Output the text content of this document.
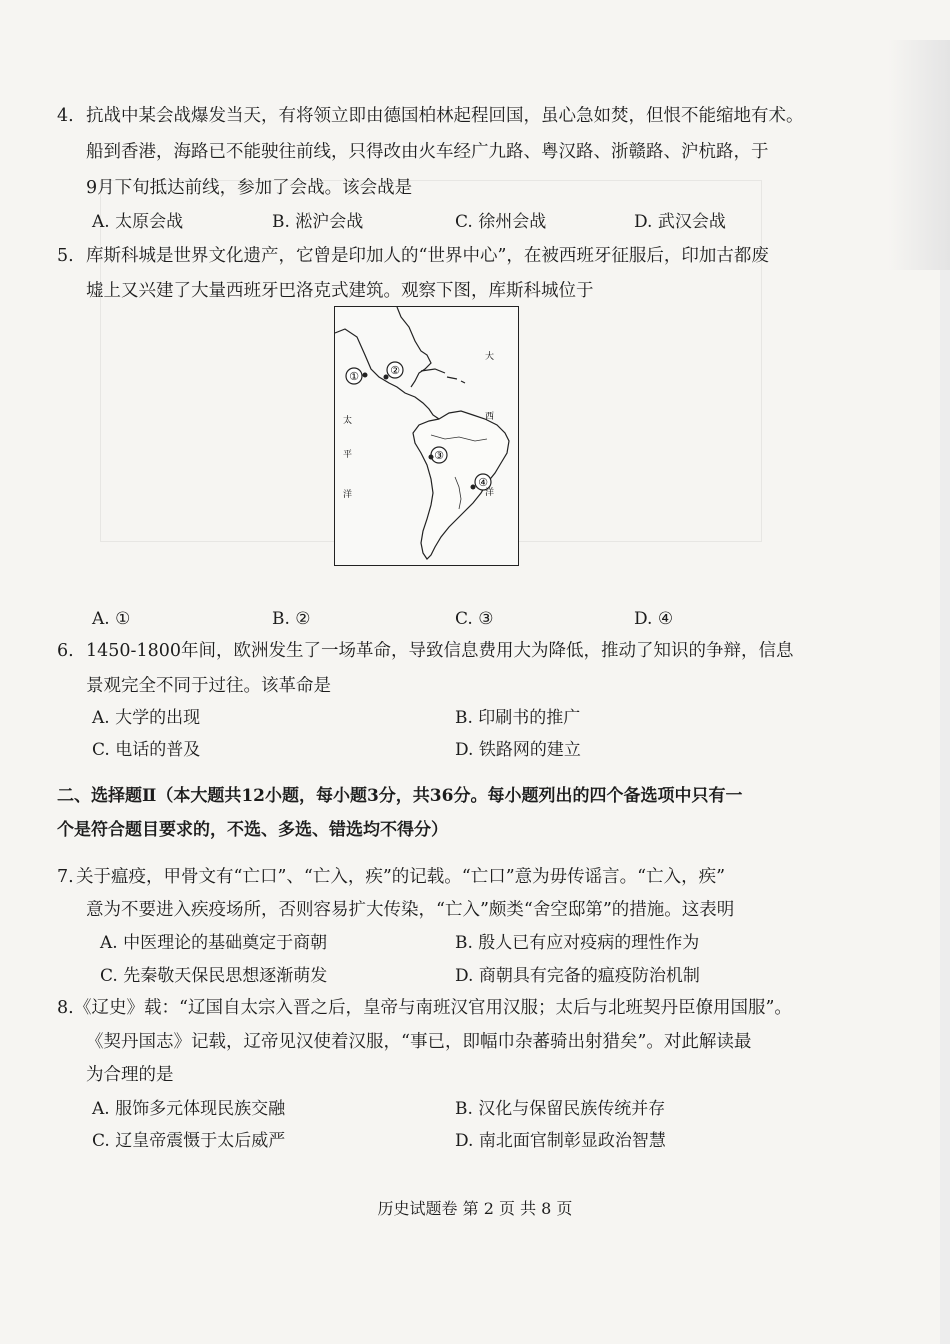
4. 抗战中某会战爆发当天，有将领立即由德国柏林起程回国，虽心急如焚，但恨不能缩地有术。
船到香港，海路已不能驶往前线，只得改由火车经广九路、粤汉路、浙赣路、沪杭路，于
9月下旬抵达前线，参加了会战。该会战是
A. 太原会战	B. 淞沪会战	C. 徐州会战	D. 武汉会战
5. 库斯科城是世界文化遗产，它曾是印加人的“世界中心”，在被西班牙征服后，印加古都废
墟上又兴建了大量西班牙巴洛克式建筑。观察下图，库斯科城位于
①	②
③
④
太
平
洋
大
西
洋
A. ①	B. ②	C. ③	D. ④
6. 1450-1800年间，欧洲发生了一场革命，导致信息费用大为降低，推动了知识的争辩，信息
景观完全不同于过往。该革命是
A. 大学的出现	B. 印刷书的推广
C. 电话的普及	D. 铁路网的建立
二、选择题Ⅱ（本大题共12小题，每小题3分，共36分。每小题列出的四个备选项中只有一
个是符合题目要求的，不选、多选、错选均不得分）
7. 关于瘟疫，甲骨文有“亡口”、“亡入，疾”的记载。“亡口”意为毋传谣言。“亡入，疾”
意为不要进入疾疫场所，否则容易扩大传染，“亡入”颇类“舍空邸第”的措施。这表明
A. 中医理论的基础奠定于商朝	B. 殷人已有应对疫病的理性作为
C. 先秦敬天保民思想逐渐萌发	D. 商朝具有完备的瘟疫防治机制
8. 《辽史》载：“辽国自太宗入晋之后，皇帝与南班汉官用汉服；太后与北班契丹臣僚用国服”。
《契丹国志》记载，辽帝见汉使着汉服，“事已，即幅巾杂蕃骑出射猎矣”。对此解读最
为合理的是
A. 服饰多元体现民族交融	B. 汉化与保留民族传统并存
C. 辽皇帝震慑于太后威严	D. 南北面官制彰显政治智慧
历史试题卷 第 2 页 共 8 页
